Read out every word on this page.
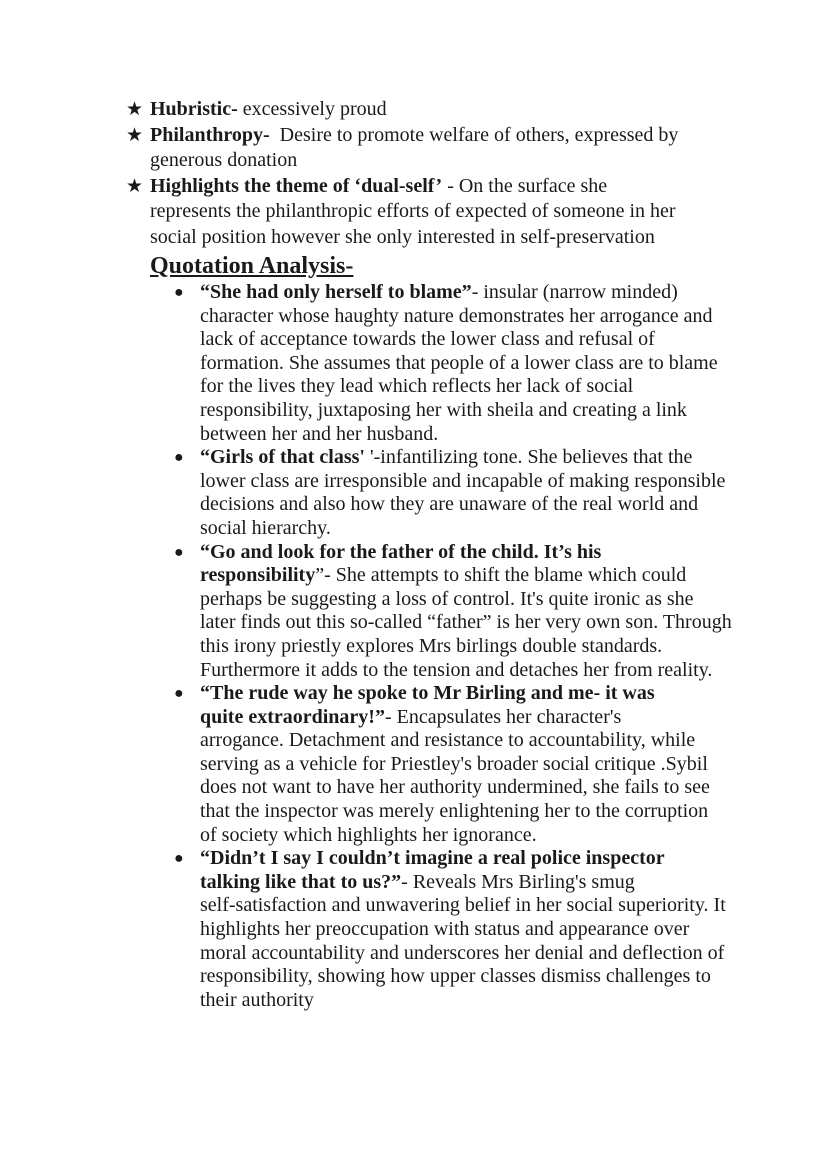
★ Hubristic- excessively proud
★ Philanthropy-  Desire to promote welfare of others, expressed by
generous donation
★ Highlights the theme of ‘dual-self’ - On the surface she
represents the philanthropic efforts of expected of someone in her
social position however she only interested in self-preservation
Quotation Analysis-
● “She had only herself to blame”- insular (narrow minded)
character whose haughty nature demonstrates her arrogance and
lack of acceptance towards the lower class and refusal of
formation. She assumes that people of a lower class are to blame
for the lives they lead which reflects her lack of social
responsibility, juxtaposing her with sheila and creating a link
between her and her husband.
● “Girls of that class' '-infantilizing tone. She believes that the
lower class are irresponsible and incapable of making responsible
decisions and also how they are unaware of the real world and
social hierarchy.
● “Go and look for the father of the child. It’s his
responsibility”- She attempts to shift the blame which could
perhaps be suggesting a loss of control. It's quite ironic as she
later finds out this so-called “father” is her very own son. Through
this irony priestly explores Mrs birlings double standards.
Furthermore it adds to the tension and detaches her from reality.
● “The rude way he spoke to Mr Birling and me- it was
quite extraordinary!”- Encapsulates her character's
arrogance. Detachment and resistance to accountability, while
serving as a vehicle for Priestley's broader social critique .Sybil
does not want to have her authority undermined, she fails to see
that the inspector was merely enlightening her to the corruption
of society which highlights her ignorance.
● “Didn’t I say I couldn’t imagine a real police inspector
talking like that to us?”- Reveals Mrs Birling's smug
self-satisfaction and unwavering belief in her social superiority. It
highlights her preoccupation with status and appearance over
moral accountability and underscores her denial and deflection of
responsibility, showing how upper classes dismiss challenges to
their authority
